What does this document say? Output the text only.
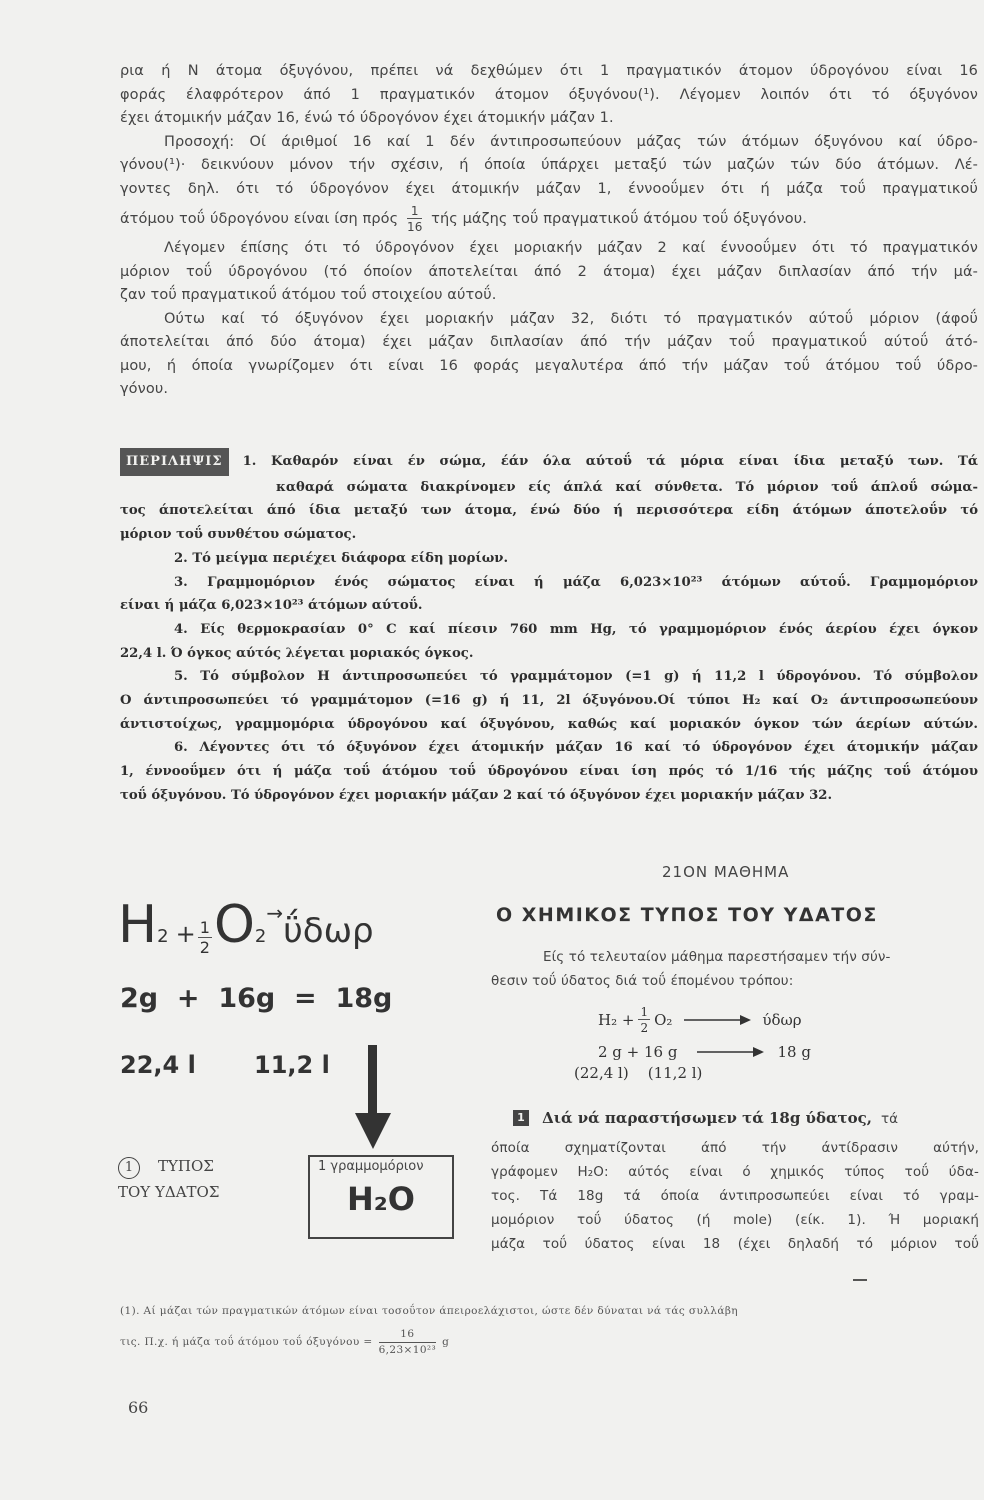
ρια ή Ν άτομα όξυγόνου, πρέπει νά δεχθώμεν ότι 1 πραγματικόν άτομον ύδρογόνου είναι 16
φοράς έλαφρότερον άπό 1 πραγματικόν άτομον όξυγόνου(¹). Λέγομεν λοιπόν ότι τό όξυγόνον
έχει άτομικήν μάζαν 16, ένώ τό ύδρογόνον έχει άτομικήν μάζαν 1.
Προσοχή: Οί άριθμοί 16 καί 1 δέν άντιπροσωπεύουν μάζας τών άτόμων όξυγόνου καί ύδρο-
γόνου(¹)· δεικνύουν μόνον τήν σχέσιν, ή όποία ύπάρχει μεταξύ τών μαζών τών δύο άτόμων. Λέ-
γοντες δηλ. ότι τό ύδρογόνον έχει άτομικήν μάζαν 1, έννοοΰμεν ότι ή μάζα τοΰ πραγματικοΰ
άτόμου τοΰ ύδρογόνου είναι ίση πρός $\frac{1}{16}$ τής μάζης τοΰ πραγματικοΰ άτόμου τοΰ όξυγόνου.
Λέγομεν έπίσης ότι τό ύδρογόνον έχει μοριακήν μάζαν 2 καί έννοοΰμεν ότι τό πραγματικόν
μόριον τοΰ ύδρογόνου (τό όποίον άποτελείται άπό 2 άτομα) έχει μάζαν διπλασίαν άπό τήν μά-
ζαν τοΰ πραγματικοΰ άτόμου τοΰ στοιχείου αύτοΰ.
Ούτω καί τό όξυγόνον έχει μοριακήν μάζαν 32, διότι τό πραγματικόν αύτοΰ μόριον (άφοΰ
άποτελείται άπό δύο άτομα) έχει μάζαν διπλασίαν άπό τήν μάζαν τοΰ πραγματικοΰ αύτοΰ άτό-
μου, ή όποία γνωρίζομεν ότι είναι 16 φοράς μεγαλυτέρα άπό τήν μάζαν τοΰ άτόμου τοΰ ύδρο-
γόνου.
ΠΕΡΙΛΗΨΙΣ	1. Καθαρόν είναι έν σώμα, έάν όλα αύτοΰ τά μόρια είναι ίδια μεταξύ των. Τά
καθαρά σώματα διακρίνομεν είς άπλά καί σύνθετα. Τό μόριον τοΰ άπλοΰ σώμα-
τος άποτελείται άπό ίδια μεταξύ των άτομα, ένώ δύο ή περισσότερα είδη άτόμων άποτελοΰν τό
μόριον τοΰ συνθέτου σώματος.
2. Τό μείγμα περιέχει διάφορα είδη μορίων.
3. Γραμμομόριον ένός σώματος είναι ή μάζα 6,023×10²³ άτόμων αύτοΰ. Γραμμομόριον
είναι ή μάζα 6,023×10²³ άτόμων αύτοΰ.
4. Είς θερμοκρασίαν 0° C καί πίεσιν 760 mm Hg, τό γραμμομόριον ένός άερίου έχει όγκον
22,4 l. Ό όγκος αύτός λέγεται μοριακός όγκος.
5. Τό σύμβολον Η άντιπροσωπεύει τό γραμμάτομον (=1 g) ή 11,2 l ύδρογόνου. Τό σύμβολον
Ο άντιπροσωπεύει τό γραμμάτομον (=16 g) ή 11, 2l όξυγόνου.Οί τύποι Η₂ καί Ο₂ άντιπροσωπεύουν
άντιστοίχως, γραμμομόρια ύδρογόνου καί όξυγόνου, καθώς καί μοριακόν όγκον τών άερίων αύτών.
6. Λέγοντες ότι τό όξυγόνον έχει άτομικήν μάζαν 16 καί τό ύδρογόνον έχει άτομικήν μάζαν
1, έννοοΰμεν ότι ή μάζα τοΰ άτόμου τοΰ ύδρογόνου είναι ίση πρός τό 1/16 τής μάζης τοΰ άτόμου
τοΰ όξυγόνου. Τό ύδρογόνον έχει μοριακήν μάζαν 2 καί τό όξυγόνον έχει μοριακήν μάζαν 32.
21ΟΝ ΜΑΘΗΜΑ
Ο ΧΗΜΙΚΟΣ ΤΥΠΟΣ ΤΟΥ ΥΔΑΤΟΣ
$H2 + \frac{1}{2} O2\to ΰ\delta\omega\rho$
2g  +  16g  =  18g
22,4 l 11,2 l
1 ΤΥΠΟΣ
ΤΟΥ ΥΔΑΤΟΣ
1 γραμμομόριον
H₂O
Είς τό τελευταίον μάθημα παρεστήσαμεν τήν σύν-
θεσιν τοΰ ύδατος διά τοΰ έπομένου τρόπου:
$H_2 + \frac{1}{2} O_2$	ύδωρ
2 g + 16 g	18 g
(22,4 l)    (11,2 l)
1 Διά νά παραστήσωμεν τά 18g ύδατος, τά
όποία σχηματίζονται άπό τήν άντίδρασιν αύτήν,
γράφομεν Η₂Ο: αύτός είναι ό χημικός τύπος τοΰ ύδα-
τος. Τά 18g τά όποία άντιπροσωπεύει είναι τό γραμ-
μομόριον τοΰ ύδατος (ή mole) (είκ. 1). Ή μοριακή
μάζα τοΰ ύδατος είναι 18 (έχει δηλαδή τό μόριον τοΰ
(1). Αί μάζαι τών πραγματικών άτόμων είναι τοσοΰτον άπειροελάχιστοι, ώστε δέν δύναται νά τάς συλλάβη
τις. Π.χ. ή μάζα τοΰ άτόμου τοΰ $ό\xi\upsilon\gamma ό\nu o\upsilon = \frac{16}{\text{6,23×10²³}}$ g
66
